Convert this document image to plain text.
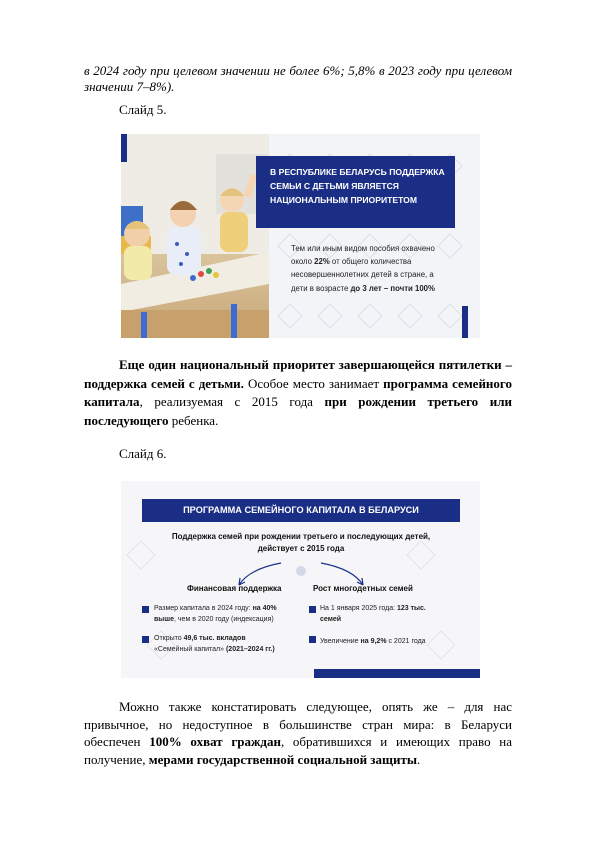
в 2024 году при целевом значении не более 6%; 5,8% в 2023 году при целевом значении 7–8%).
Слайд 5.
В РЕСПУБЛИКЕ БЕЛАРУСЬ ПОДДЕРЖКА СЕМЬИ С ДЕТЬМИ ЯВЛЯЕТСЯ НАЦИОНАЛЬНЫМ ПРИОРИТЕТОМ
Тем или иным видом пособия охвачено около 22% от общего количества несовершеннолетних детей в стране, а дети в возрасте до 3 лет – почти 100%
Еще один национальный приоритет завершающейся пятилетки – поддержка семей с детьми. Особое место занимает программа семейного капитала, реализуемая с 2015 года при рождении третьего или последующего ребенка.
Слайд 6.
ПРОГРАММА СЕМЕЙНОГО КАПИТАЛА В БЕЛАРУСИ
Поддержка семей при рождении третьего и последующих детей,
действует с 2015 года
Финансовая поддержка	Рост многодетных семей
Размер капитала в 2024 году: на 40%
выше, чем в 2020 году (индексация)
Открыто 49,6 тыс. вкладов
«Семейный капитал» (2021–2024 гг.)
На 1 января 2025 года: 123 тыс.
семей
Увеличение на 9,2% с 2021 года
Можно также констатировать следующее, опять же – для нас привычное, но недоступное в большинстве стран мира: в Беларуси обеспечен 100% охват граждан, обратившихся и имеющих право на получение, мерами государственной социальной защиты.
